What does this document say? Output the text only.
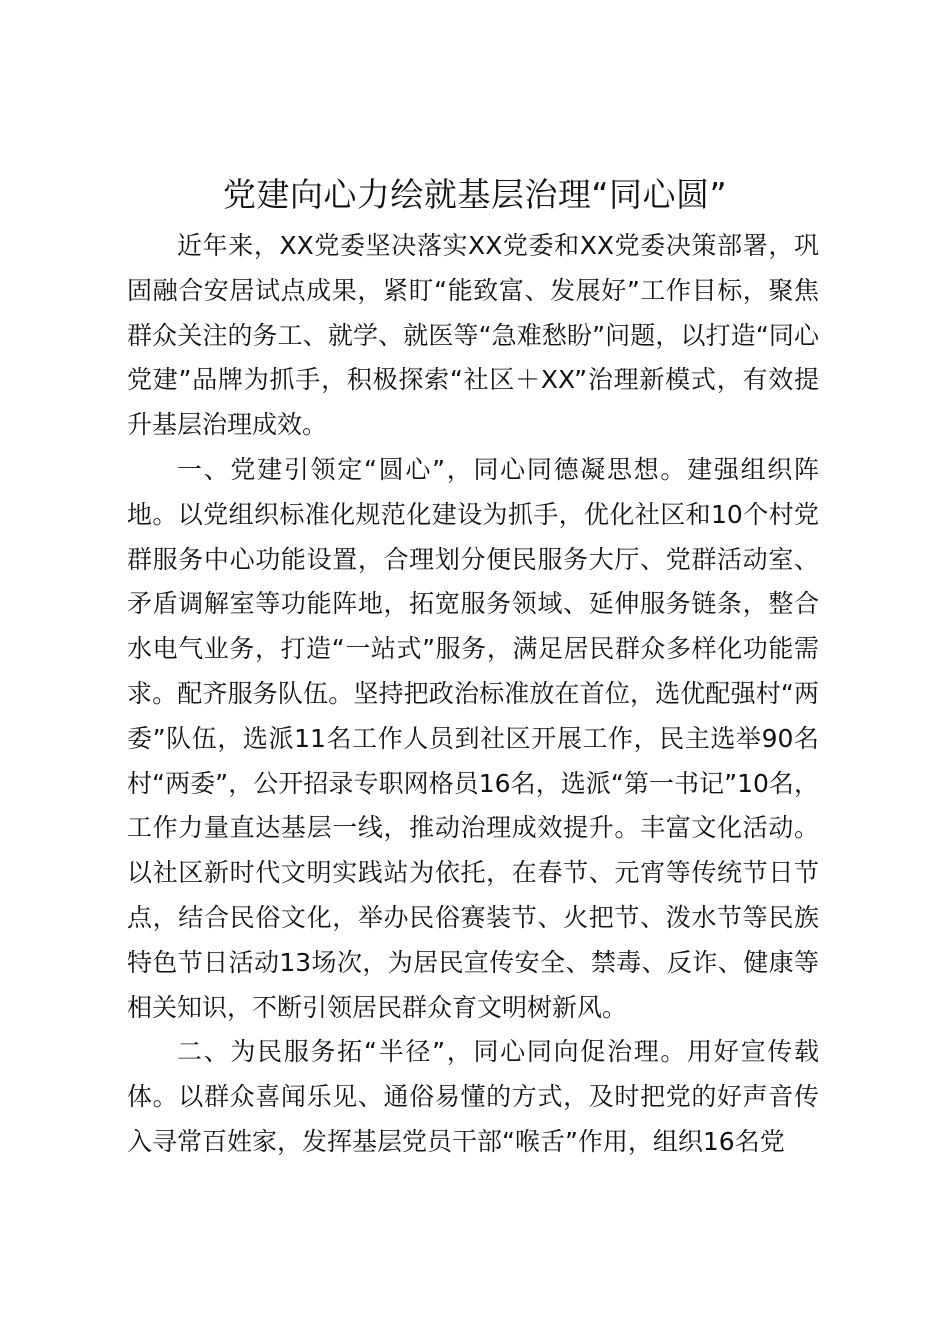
党建向心力绘就基层治理“同心圆”

近年来，XX党委坚决落实XX党委和XX党委决策部署，巩固融合安居试点成果，紧盯“能致富、发展好”工作目标，聚焦群众关注的务工、就学、就医等“急难愁盼”问题，以打造“同心党建”品牌为抓手，积极探索“社区＋XX”治理新模式，有效提升基层治理成效。

一、党建引领定“圆心”，同心同德凝思想。建强组织阵地。以党组织标准化规范化建设为抓手，优化社区和10个村党群服务中心功能设置，合理划分便民服务大厅、党群活动室、矛盾调解室等功能阵地，拓宽服务领域、延伸服务链条，整合水电气业务，打造“一站式”服务，满足居民群众多样化功能需求。配齐服务队伍。坚持把政治标准放在首位，选优配强村“两委”队伍，选派11名工作人员到社区开展工作，民主选举90名村“两委”，公开招录专职网格员16名，选派“第一书记”10名，工作力量直达基层一线，推动治理成效提升。丰富文化活动。以社区新时代文明实践站为依托，在春节、元宵等传统节日节点，结合民俗文化，举办民俗赛装节、火把节、泼水节等民族特色节日活动13场次，为居民宣传安全、禁毒、反诈、健康等相关知识，不断引领居民群众育文明树新风。

二、为民服务拓“半径”，同心同向促治理。用好宣传载体。以群众喜闻乐见、通俗易懂的方式，及时把党的好声音传入寻常百姓家，发挥基层党员干部“喉舌”作用，组织16名党
